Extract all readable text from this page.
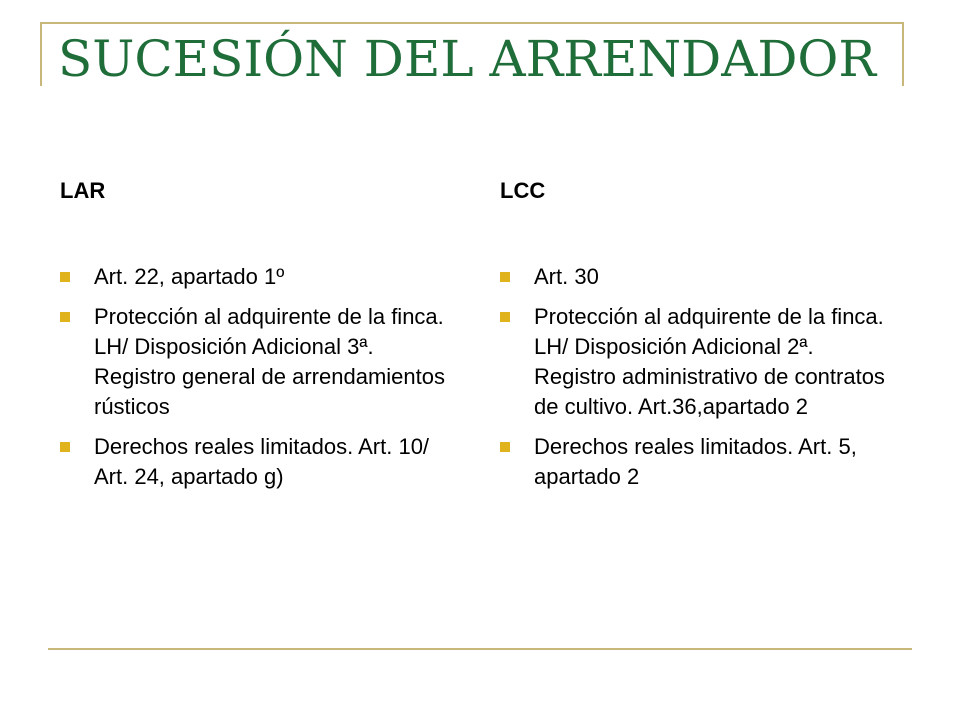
SUCESIÓN DEL ARRENDADOR
LAR
Art. 22, apartado 1º
Protección al adquirente de la finca. LH/ Disposición Adicional 3ª. Registro general de arrendamientos rústicos
Derechos reales limitados. Art. 10/ Art. 24, apartado g)
LCC
Art. 30
Protección al adquirente de la finca. LH/ Disposición Adicional 2ª. Registro administrativo de contratos de cultivo. Art.36,apartado 2
Derechos reales limitados. Art. 5, apartado 2
